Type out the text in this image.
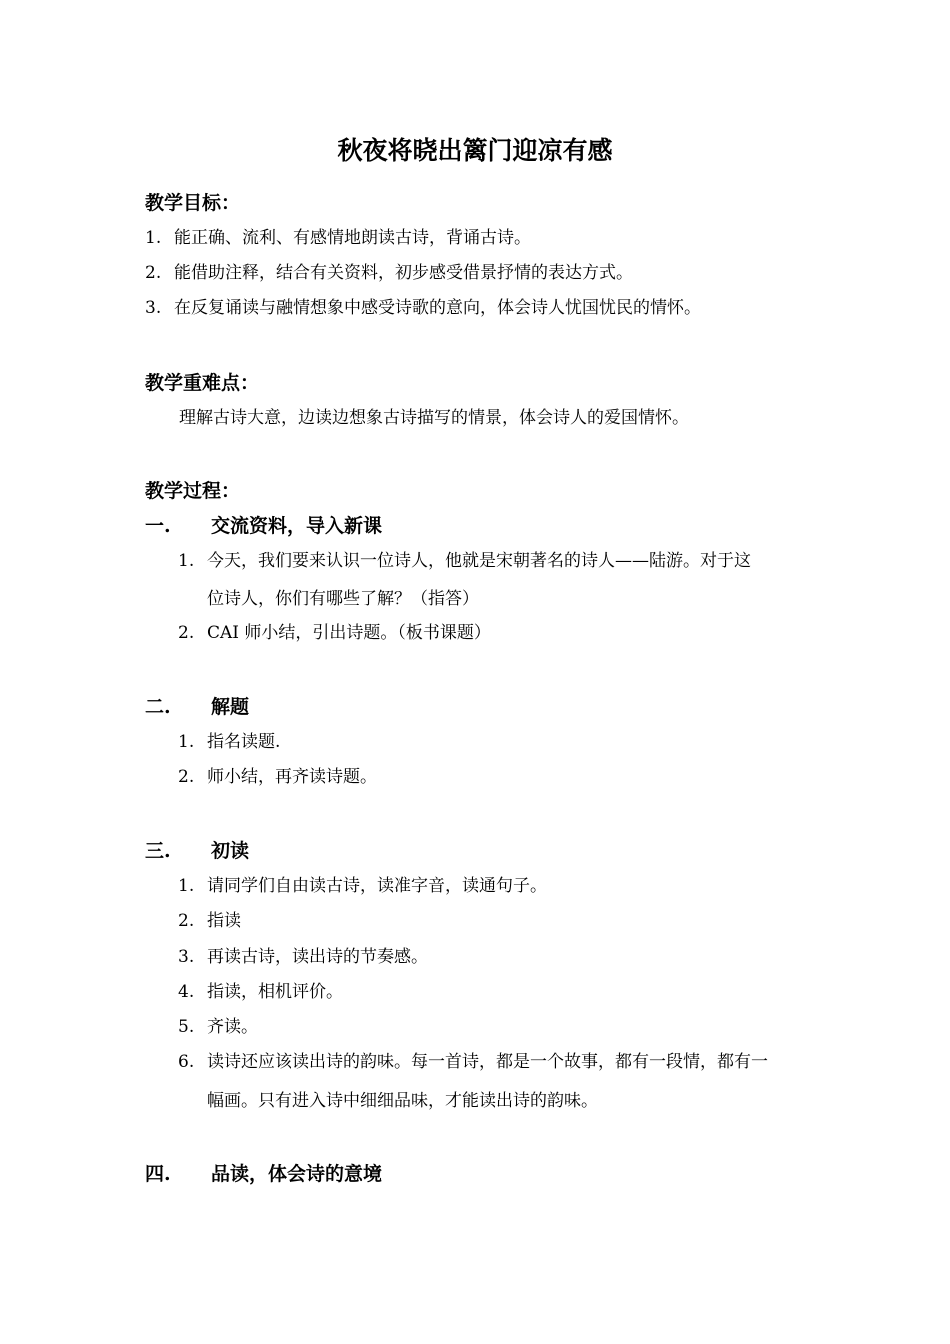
秋夜将晓出篱门迎凉有感
教学目标：
1. 能正确、流利、有感情地朗读古诗，背诵古诗。
2. 能借助注释，结合有关资料，初步感受借景抒情的表达方式。
3. 在反复诵读与融情想象中感受诗歌的意向，体会诗人忧国忧民的情怀。
教学重难点：
理解古诗大意，边读边想象古诗描写的情景，体会诗人的爱国情怀。
教学过程：
一. 交流资料，导入新课
1. 今天，我们要来认识一位诗人，他就是宋朝著名的诗人——陆游。对于这
位诗人，你们有哪些了解？（指答）
2. CAI 师小结，引出诗题。（板书课题）
二. 解题
1. 指名读题.
2. 师小结，再齐读诗题。
三. 初读
1. 请同学们自由读古诗，读准字音，读通句子。
2. 指读
3. 再读古诗，读出诗的节奏感。
4. 指读，相机评价。
5. 齐读。
6. 读诗还应该读出诗的韵味。每一首诗，都是一个故事，都有一段情，都有一
幅画。只有进入诗中细细品味，才能读出诗的韵味。
四. 品读，体会诗的意境
